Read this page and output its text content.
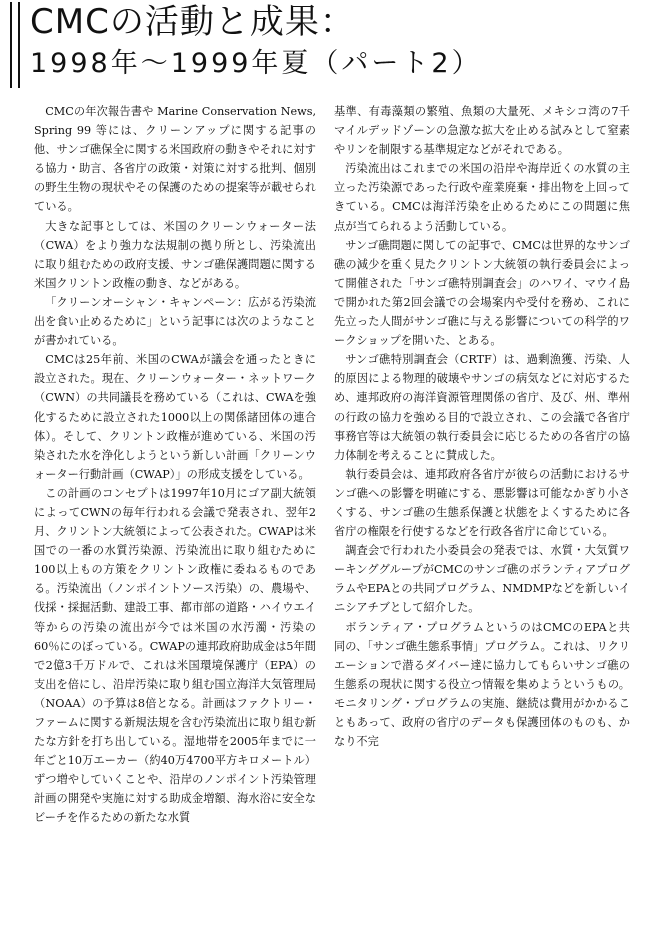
CMCの活動と成果：
1998年〜1999年夏（パート2）

CMCの年次報告書や Marine Conservation News, Spring 99 等には、クリーンアップに関する記事の他、サンゴ礁保全に関する米国政府の動きやそれに対する協力・助言、各省庁の政策・対策に対する批判、個別の野生生物の現状やその保護のための提案等が載せられている。

大きな記事としては、米国のクリーンウォーター法（CWA）をより強力な法規制の拠り所とし、汚染流出に取り組むための政府支援、サンゴ礁保護問題に関する米国クリントン政権の動き、などがある。

「クリーンオーシャン・キャンペーン：広がる汚染流出を食い止めるために」という記事には次のようなことが書かれている。

CMCは25年前、米国のCWAが議会を通ったときに設立された。現在、クリーンウォーター・ネットワーク（CWN）の共同議長を務めている（これは、CWAを強化するために設立された1000以上の関係諸団体の連合体）。そして、クリントン政権が進めている、米国の汚染された水を浄化しようという新しい計画「クリーンウォーター行動計画（CWAP）」の形成支援をしている。

この計画のコンセプトは1997年10月にゴア副大統領によってCWNの毎年行われる会議で発表され、翌年2月、クリントン大統領によって公表された。CWAPは米国での一番の水質汚染源、汚染流出に取り組むために100以上もの方策をクリントン政権に委ねるものである。汚染流出（ノンポイントソース汚染）の、農場や、伐採・採掘活動、建設工事、都市部の道路・ハイウエイ等からの汚染の流出が今では米国の水汚濁・汚染の60％にのぼっている。CWAPの連邦政府助成金は5年間で2億3千万ドルで、これは米国環境保護庁（EPA）の支出を倍にし、沿岸汚染に取り組む国立海洋大気管理局（NOAA）の予算は8倍となる。計画はファクトリー・ファームに関する新規法規を含む汚染流出に取り組む新たな方針を打ち出している。湿地帯を2005年までに一年ごと10万エーカー（約40万4700平方キロメートル）ずつ増やしていくことや、沿岸のノンポイント汚染管理計画の開発や実施に対する助成金増額、海水浴に安全なビーチを作るための新たな水質

基準、有毒藻類の繁殖、魚類の大量死、メキシコ湾の7千マイルデッドゾーンの急激な拡大を止める試みとして窒素やリンを制限する基準規定などがそれである。

汚染流出はこれまでの米国の沿岸や海岸近くの水質の主立った汚染源であった行政や産業廃棄・排出物を上回ってきている。CMCは海洋汚染を止めるためにこの問題に焦点が当てられるよう活動している。

サンゴ礁問題に関しての記事で、CMCは世界的なサンゴ礁の減少を重く見たクリントン大統領の執行委員会によって開催された「サンゴ礁特別調査会」のハワイ、マウイ島で開かれた第2回会議での会場案内や受付を務め、これに先立った人間がサンゴ礁に与える影響についての科学的ワークショップを開いた、とある。

サンゴ礁特別調査会（CRTF）は、過剰漁獲、汚染、人的原因による物理的破壊やサンゴの病気などに対応するため、連邦政府の海洋資源管理関係の省庁、及び、州、準州の行政の協力を強める目的で設立され、この会議で各省庁事務官等は大統領の執行委員会に応じるための各省庁の協力体制を考えることに賛成した。

執行委員会は、連邦政府各省庁が彼らの活動におけるサンゴ礁への影響を明確にする、悪影響は可能なかぎり小さくする、サンゴ礁の生態系保護と状態をよくするために各省庁の権限を行使するなどを行政各省庁に命じている。

調査会で行われた小委員会の発表では、水質・大気質ワーキンググループがCMCのサンゴ礁のボランティアプログラムやEPAとの共同プログラム、NMDMPなどを新しいイニシアチブとして紹介した。

ボランティア・プログラムというのはCMCのEPAと共同の、「サンゴ礁生態系事情」プログラム。これは、リクリエーションで潜るダイバー達に協力してもらいサンゴ礁の生態系の現状に関する役立つ情報を集めようというもの。モニタリング・プログラムの実施、継続は費用がかかることもあって、政府の省庁のデータも保護団体のものも、かなり不完
